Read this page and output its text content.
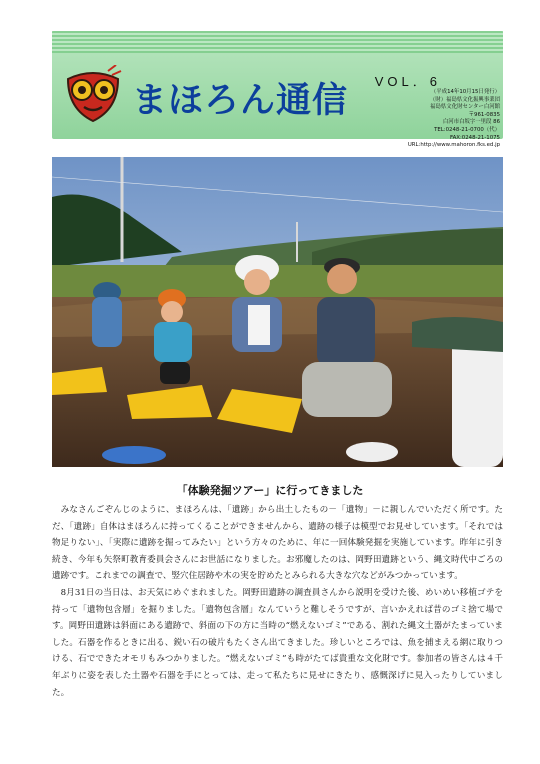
まほろん通信 VOL．6
（平成14年10月15日発行）
（財）福島県文化振興事業団
福島県文化財センター白河館
〒961-0835
白河市白坂字一里段 86
TEL:0248-21-0700（代）
FAX:0248-21-1075
URL:http://www.mahoron.fks.ed.jp
「体験発掘ツアー」に行ってきました

みなさんごぞんじのように、まほろんは、「遺跡」から出土したもの－「遺物」－に親しんでいただく所です。ただ、「遺跡」自体はまほろんに持ってくることができませんから、遺跡の様子は模型でお見せしています。「それでは物足りない」、「実際に遺跡を掘ってみたい」という方々のために、年に一回体験発掘を実施しています。昨年に引き続き、今年も矢祭町教育委員会さんにお世話になりました。お邪魔したのは、岡野田遺跡という、縄文時代中ごろの遺跡です。これまでの調査で、竪穴住居跡や木の実を貯めたとみられる大きな穴などがみつかっています。

8月31日の当日は、お天気にめぐまれました。岡野田遺跡の調査員さんから説明を受けた後、めいめい移植ゴテを持って「遺物包含層」を掘りました。「遺物包含層」なんていうと難しそうですが、言いかえれば昔のゴミ捨て場です。岡野田遺跡は斜面にある遺跡で、斜面の下の方に当時の“燃えないゴミ”である、割れた縄文土器がたまっていました。石器を作るときに出る、鋭い石の破片もたくさん出てきました。珍しいところでは、魚を捕まえる網に取りつける、石でできたオモリもみつかりました。“燃えないゴミ”も時がたてば貴重な文化財です。参加者の皆さんは４千年ぶりに姿を表した土器や石器を手にとっては、走って私たちに見せにきたり、感慨深げに見入ったりしていました。
